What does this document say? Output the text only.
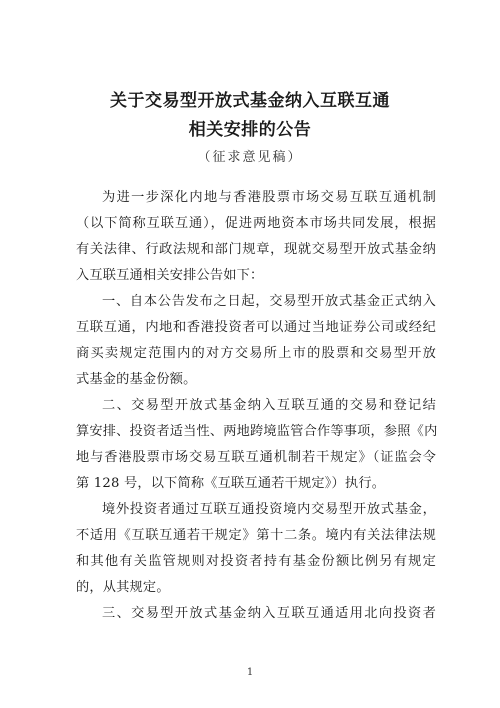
关于交易型开放式基金纳入互联互通
相关安排的公告
（征求意见稿）
为进一步深化内地与香港股票市场交易互联互通机制
（以下简称互联互通），促进两地资本市场共同发展，根据
有关法律、行政法规和部门规章，现就交易型开放式基金纳
入互联互通相关安排公告如下：
一、自本公告发布之日起，交易型开放式基金正式纳入
互联互通，内地和香港投资者可以通过当地证券公司或经纪
商买卖规定范围内的对方交易所上市的股票和交易型开放
式基金的基金份额。
二、交易型开放式基金纳入互联互通的交易和登记结
算安排、投资者适当性、两地跨境监管合作等事项，参照《内
地与香港股票市场交易互联互通机制若干规定》（证监会令
第 128 号，以下简称《互联互通若干规定》）执行。
境外投资者通过互联互通投资境内交易型开放式基金，
不适用《互联互通若干规定》第十二条。境内有关法律法规
和其他有关监管规则对投资者持有基金份额比例另有规定
的，从其规定。
三、交易型开放式基金纳入互联互通适用北向投资者
1
